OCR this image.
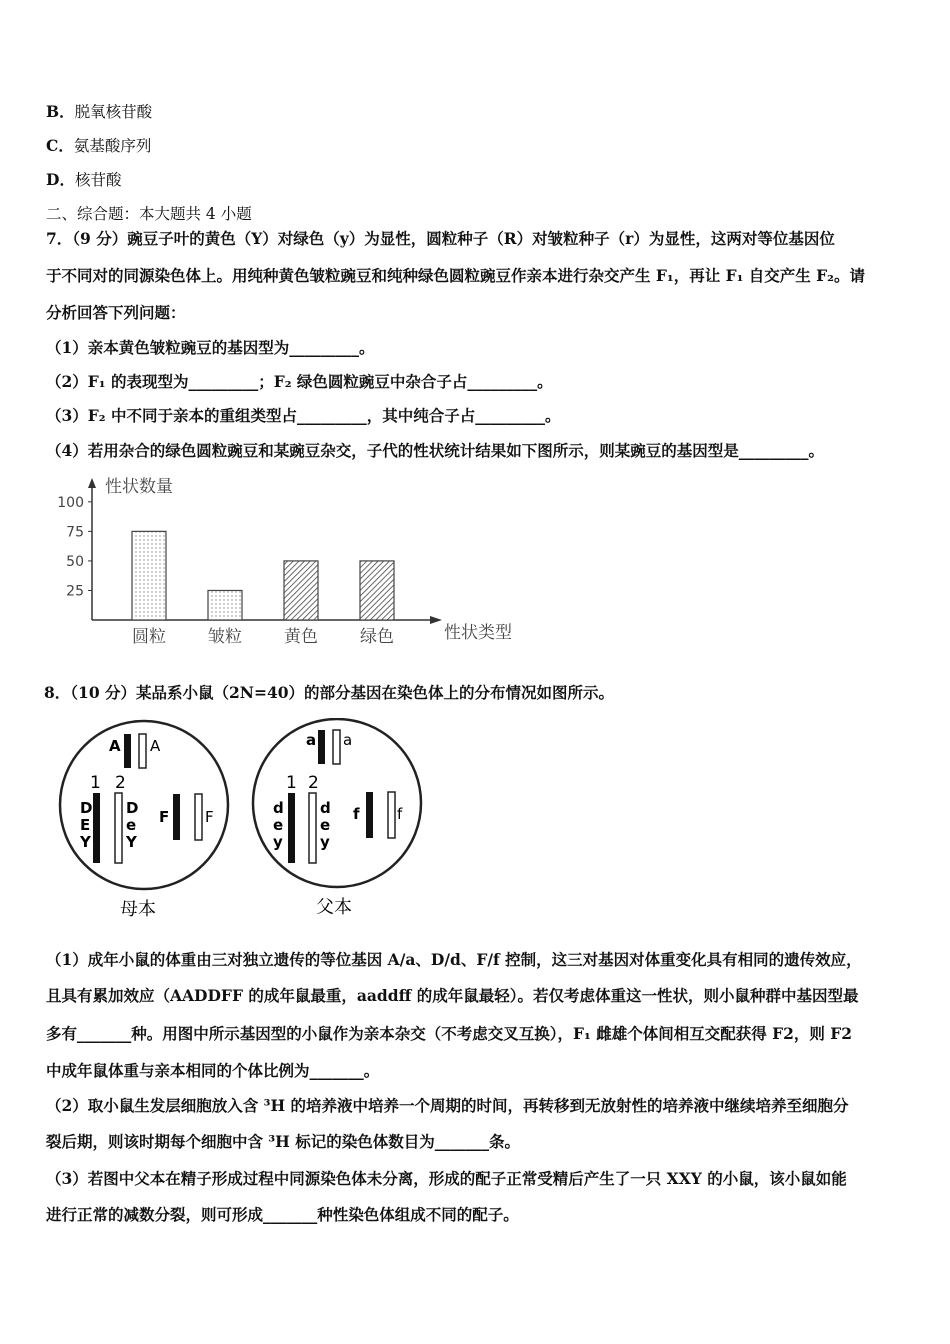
B．脱氧核苷酸
C．氨基酸序列
D．核苷酸
二、综合题：本大题共 4 小题
7．（9 分）豌豆子叶的黄色（Y）对绿色（y）为显性，圆粒种子（R）对皱粒种子（r）为显性，这两对等位基因位
于不同对的同源染色体上。用纯种黄色皱粒豌豆和纯种绿色圆粒豌豆作亲本进行杂交产生 F₁，再让 F₁ 自交产生 F₂。请
分析回答下列问题：
（1）亲本黄色皱粒豌豆的基因型为_________。
（2）F₁ 的表现型为_________；F₂ 绿色圆粒豌豆中杂合子占_________。
（3）F₂ 中不同于亲本的重组类型占_________，其中纯合子占_________。
（4）若用杂合的绿色圆粒豌豆和某豌豆杂交，子代的性状统计结果如下图所示，则某豌豆的基因型是_________。
性状数量
性状类型
100
75
50
25
圆粒 皱粒 黄色 绿色
8．（10 分）某品系小鼠（2N=40）的部分基因在染色体上的分布情况如图所示。
A A
1 2
D
E
Y
D
e
Y
F F
母本
a a
1 2
d
e
y
d
e
y
f f
父本
（1）成年小鼠的体重由三对独立遗传的等位基因 A/a、D/d、F/f 控制，这三对基因对体重变化具有相同的遗传效应，
且具有累加效应（AADDFF 的成年鼠最重，aaddff 的成年鼠最轻）。若仅考虑体重这一性状，则小鼠种群中基因型最
多有_______种。用图中所示基因型的小鼠作为亲本杂交（不考虑交叉互换），F₁ 雌雄个体间相互交配获得 F2，则 F2
中成年鼠体重与亲本相同的个体比例为_______。
（2）取小鼠生发层细胞放入含 ³H 的培养液中培养一个周期的时间，再转移到无放射性的培养液中继续培养至细胞分
裂后期，则该时期每个细胞中含 ³H 标记的染色体数目为_______条。
（3）若图中父本在精子形成过程中同源染色体未分离，形成的配子正常受精后产生了一只 XXY 的小鼠，该小鼠如能
进行正常的减数分裂，则可形成_______种性染色体组成不同的配子。
